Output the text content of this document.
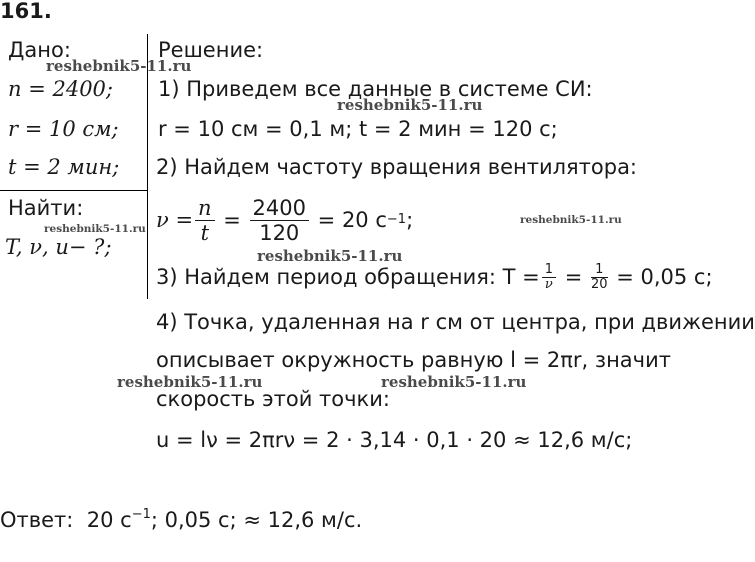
161.
Дано:
n = 2400;
r = 10 см;
t = 2 мин;
Найти:
T, ν, u− ?;
Решение:
1) Приведем все данные в системе СИ:
r = 10 см = 0,1 м; t = 2 мин = 120 с;
2) Найдем частоту вращения вентилятора:
$\nu = \frac{n}{t} = \frac{2400}{120}$
= 20 с −1 ;
3) Найдем период обращения: $T = \frac{1}{\nu} = \frac{1}{20}$
= 0,05 с;
4) Точка, удаленная на r см от центра, при движении
описывает окружность равную l = 2πr, значит
скорость этой точки:
u = lν = 2πrν = 2 · 3,14 · 0,1 · 20 ≈ 12,6 м/с;
Ответ: 20 $с^{-1}$; 0,05 с; ≈ 12,6 м/с.
reshebnik5-11.ru
reshebnik5-11.ru
reshebnik5-11.ru
reshebnik5-11.ru
reshebnik5-11.ru
reshebnik5-11.ru	reshebnik5-11.ru
